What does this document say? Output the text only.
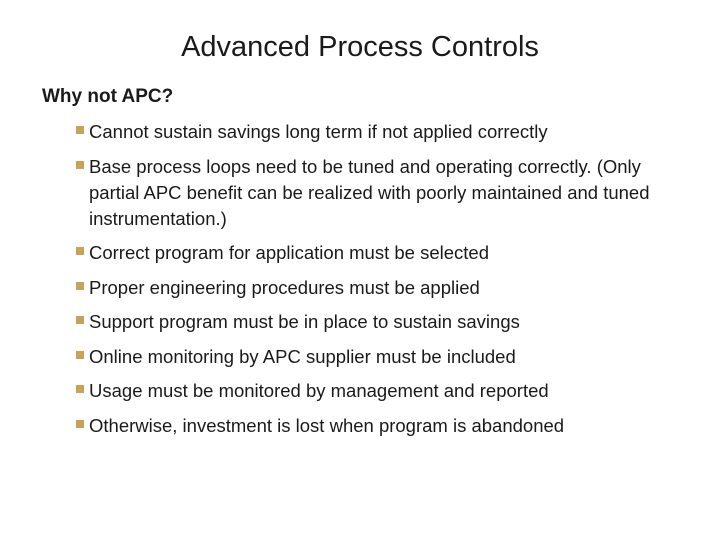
Advanced Process Controls
Why not APC?
Cannot sustain savings long term if not applied correctly
Base process loops need to be tuned and operating correctly. (Only partial APC benefit can be realized with poorly maintained and tuned instrumentation.)
Correct program for application must be selected
Proper engineering procedures must be applied
Support program must be in place to sustain savings
Online monitoring by APC supplier must be included
Usage must be monitored by management and reported
Otherwise, investment is lost when program is abandoned
